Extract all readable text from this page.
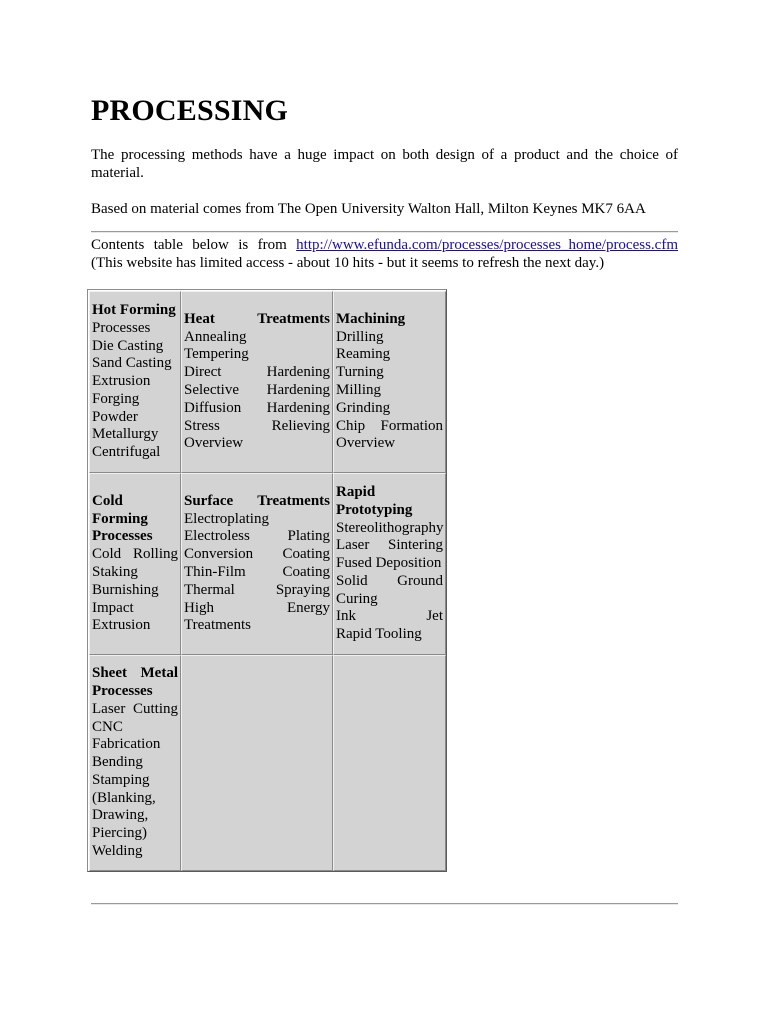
PROCESSING

The processing methods have a huge impact on both design of a product and the choice of material.

Based on material comes from The Open University Walton Hall, Milton Keynes MK7 6AA

Contents table below is from http://www.efunda.com/processes/processes_home/process.cfm
(This website has limited access - about 10 hits - but it seems to refresh the next day.)

Hot Forming
Processes

Die Casting
Sand Casting
Extrusion
Forging
Powder Metallurgy
Centrifugal
Heat Treatments
Annealing
Tempering

Direct Hardening
Selective Hardening
Diffusion Hardening
Stress Relieving
Overview
Machining
Drilling
Reaming
Turning
Milling
Grinding

Chip Formation
Overview
Cold Forming Processes
Cold Rolling
Staking
Burnishing

Impact Extrusion
Surface Treatments
Electroplating

Electroless Plating
Conversion Coating
Thin-Film Coating
Thermal Spraying
High Energy Treatments
Rapid Prototyping
Stereolithography

Laser Sintering
Fused Deposition

Solid Ground Curing
Ink Jet
Rapid Tooling
Sheet Metal Processes
Laser Cutting
CNC Fabrication
Bending

Stamping (Blanking, Drawing, Piercing)
Welding
